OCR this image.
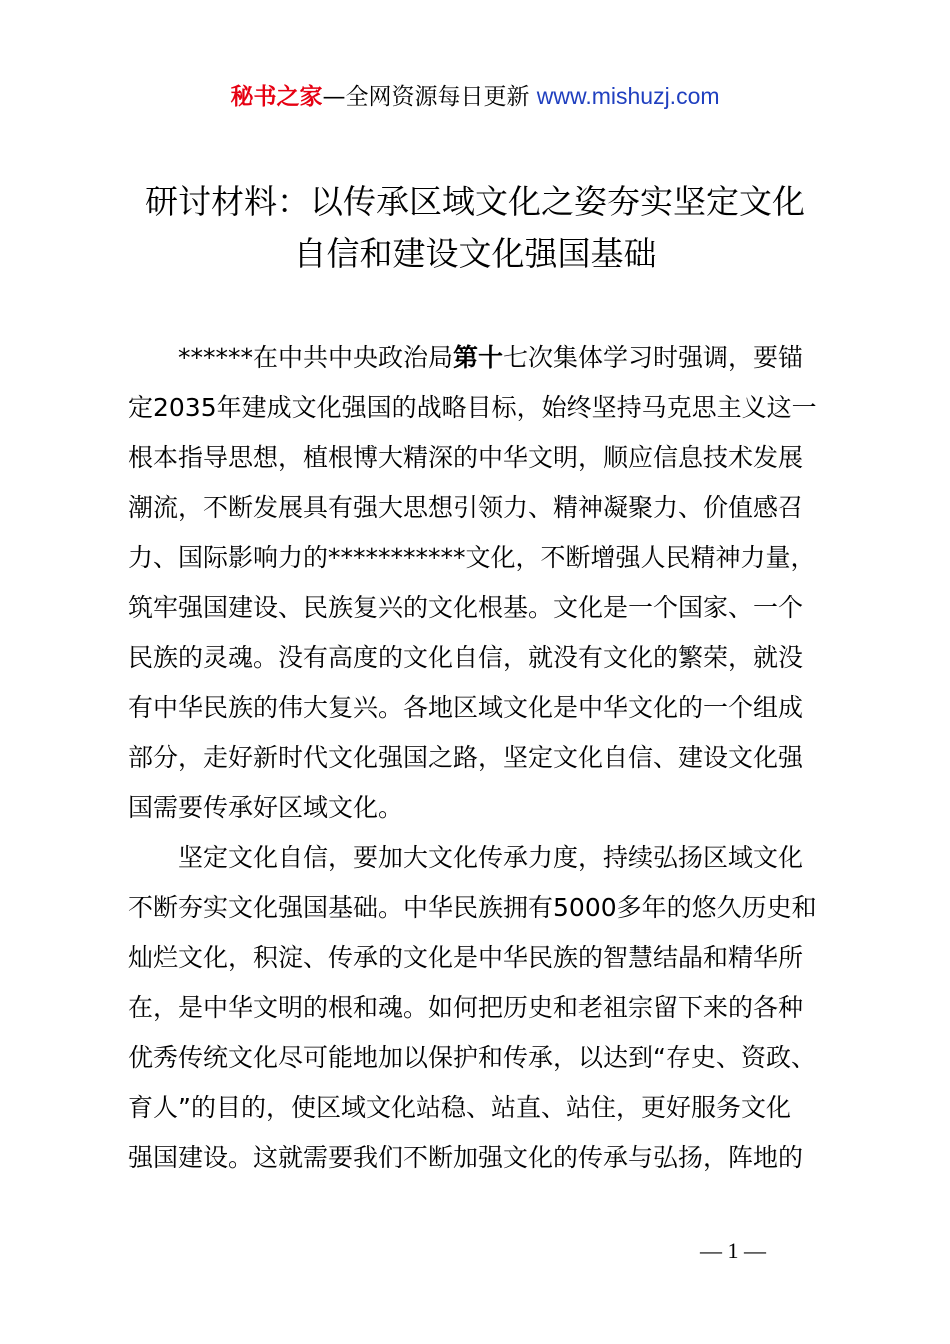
秘书之家—全网资源每日更新 www.mishuzj.com
研讨材料：以传承区域文化之姿夯实坚定文化
自信和建设文化强国基础
******在中共中央政治局第十七次集体学习时强调，要锚
定2035年建成文化强国的战略目标，始终坚持马克思主义这一
根本指导思想，植根博大精深的中华文明，顺应信息技术发展
潮流，不断发展具有强大思想引领力、精神凝聚力、价值感召
力、国际影响力的***********文化，不断增强人民精神力量，
筑牢强国建设、民族复兴的文化根基。文化是一个国家、一个
民族的灵魂。没有高度的文化自信，就没有文化的繁荣，就没
有中华民族的伟大复兴。各地区域文化是中华文化的一个组成
部分，走好新时代文化强国之路，坚定文化自信、建设文化强
国需要传承好区域文化。
坚定文化自信，要加大文化传承力度，持续弘扬区域文化
不断夯实文化强国基础。中华民族拥有5000多年的悠久历史和
灿烂文化，积淀、传承的文化是中华民族的智慧结晶和精华所
在，是中华文明的根和魂。如何把历史和老祖宗留下来的各种
优秀传统文化尽可能地加以保护和传承，以达到“存史、资政、
育人”的目的，使区域文化站稳、站直、站住，更好服务文化
强国建设。这就需要我们不断加强文化的传承与弘扬，阵地的
— 1 —
